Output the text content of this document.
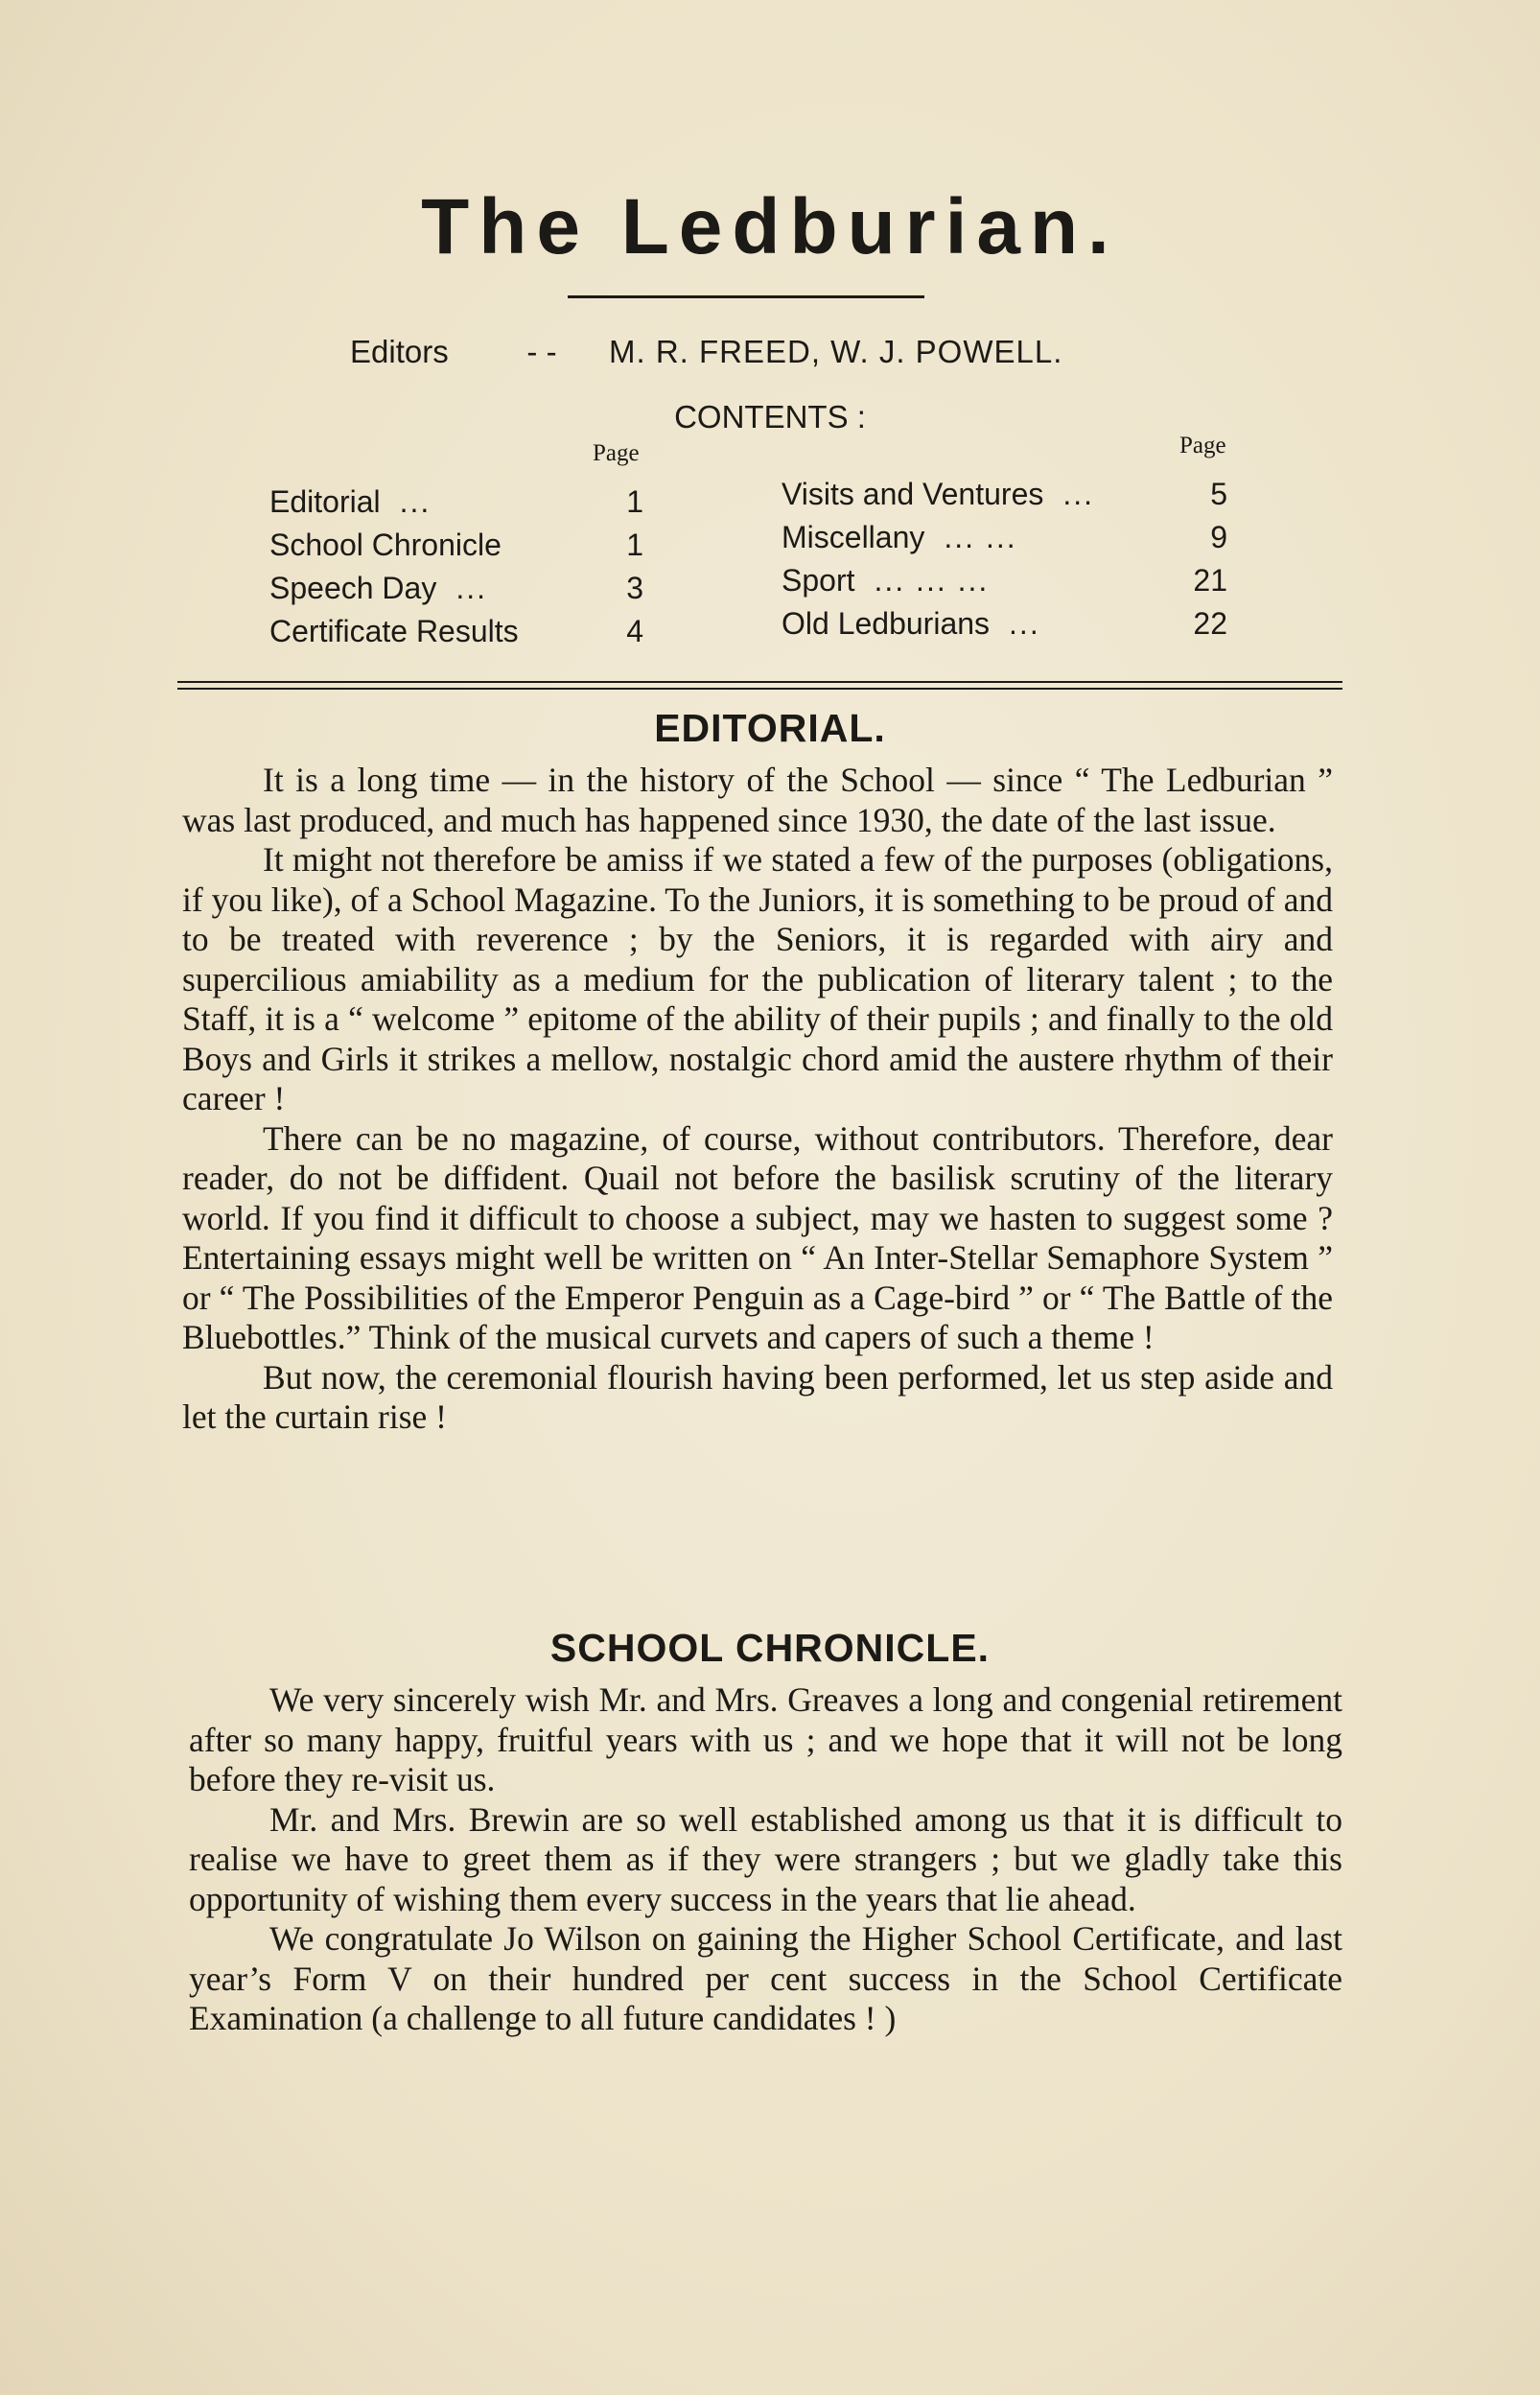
The Ledburian.
Editors	- -	M. R. FREED, W. J. POWELL.
CONTENTS :
Page
Editorial ...	1
School Chronicle	1
Speech Day ...	3
Certificate Results	4
Page
Visits and Ventures ...	5
Miscellany ... ...	9
Sport ... ... ...	21
Old Ledburians ...	22
EDITORIAL.

It is a long time — in the history of the School — since “ The Ledburian ” was last produced, and much has happened since 1930, the date of the last issue.

It might not therefore be amiss if we stated a few of the purposes (obligations, if you like), of a School Magazine. To the Juniors, it is something to be proud of and to be treated with reverence ; by the Seniors, it is regarded with airy and supercilious amiability as a medium for the publication of literary talent ; to the Staff, it is a “ welcome ” epitome of the ability of their pupils ; and finally to the old Boys and Girls it strikes a mellow, nostalgic chord amid the austere rhythm of their career !

There can be no magazine, of course, without contributors. Therefore, dear reader, do not be diffident. Quail not before the basilisk scrutiny of the literary world. If you find it difficult to choose a subject, may we hasten to suggest some ? Entertaining essays might well be written on “ An Inter-Stellar Semaphore System ” or “ The Possibilities of the Emperor Penguin as a Cage-bird ” or “ The Battle of the Bluebottles.” Think of the musical curvets and capers of such a theme !

But now, the ceremonial flourish having been performed, let us step aside and let the curtain rise !

SCHOOL CHRONICLE.

We very sincerely wish Mr. and Mrs. Greaves a long and congenial retirement after so many happy, fruitful years with us ; and we hope that it will not be long before they re-visit us.

Mr. and Mrs. Brewin are so well established among us that it is difficult to realise we have to greet them as if they were strangers ; but we gladly take this opportunity of wishing them every success in the years that lie ahead.

We congratulate Jo Wilson on gaining the Higher School Certificate, and last year’s Form V on their hundred per cent success in the School Certificate Examination (a challenge to all future candidates ! )
